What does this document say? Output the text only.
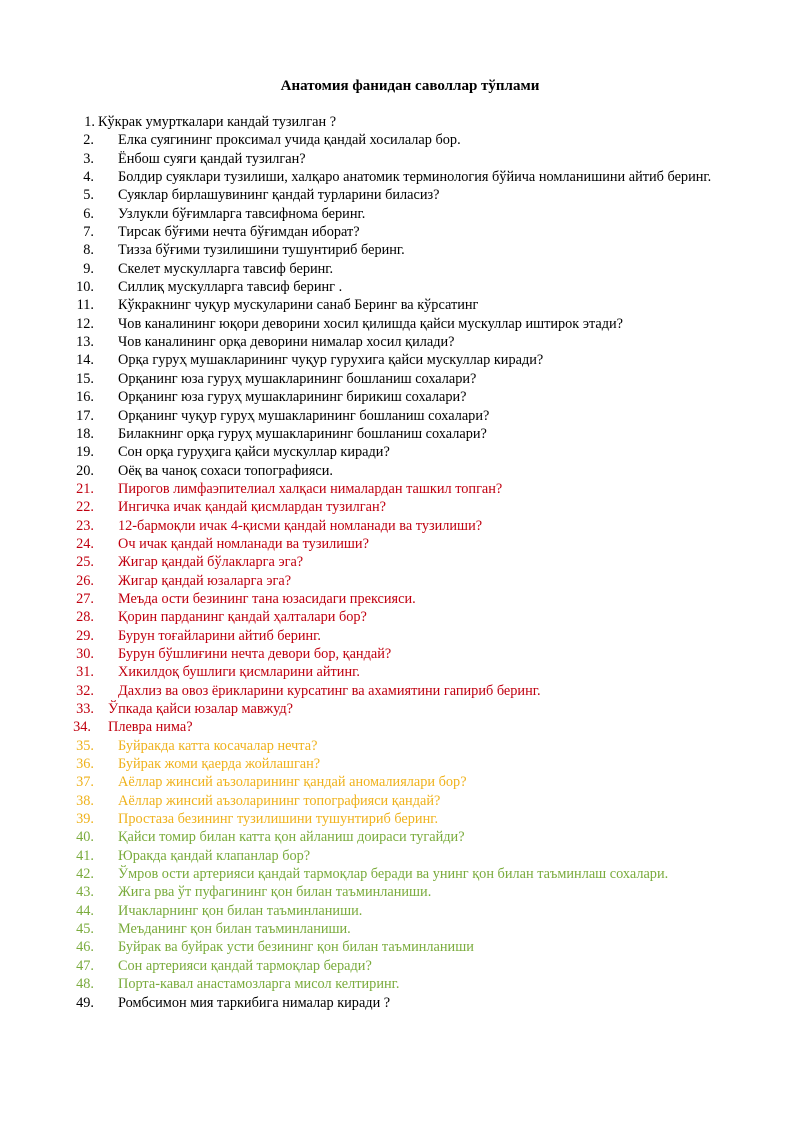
Анатомия фанидан саволлар тўплами
1. Кўкрак умурткалари кандай тузилган ?
2. Елка суягининг проксимал учида қандай хосилалар бор.
3. Ёнбош суяги қандай тузилган?
4. Болдир суяклари тузилиши, халқаро анатомик терминология бўйича номланишини айтиб беринг.
5. Суяклар бирлашувининг қандай турларини биласиз?
6. Узлукли бўғимларга тавсифнома беринг.
7. Тирсак бўғими нечта бўғимдан иборат?
8. Тизза бўғими тузилишини тушунтириб беринг.
9. Скелет мускулларга тавсиф беринг.
10. Силлиқ мускулларга тавсиф беринг .
11. Кўкракнинг чуқур мускуларини санаб Беринг ва кўрсатинг
12. Чов каналининг юқори деворини хосил қилишда қайси мускуллар иштирок этади?
13. Чов каналининг орқа деворини нималар хосил қилади?
14. Орқа гуруҳ мушакларининг чуқур гурухига қайси мускуллар киради?
15. Орқанинг юза гуруҳ мушакларининг бошланиш сохалари?
16. Орқанинг юза гуруҳ мушакларининг бирикиш сохалари?
17. Орқанинг чуқур гуруҳ мушакларининг бошланиш сохалари?
18. Билакнинг орқа гуруҳ мушакларининг бошланиш сохалари?
19. Сон орқа гуруҳига қайси мускуллар киради?
20. Оёқ ва чаноқ сохаси топографияси.
21. Пирогов лимфаэпителиал халқаси нималардан ташкил топган?
22. Ингичка ичак қандай қисмлардан тузилган?
23. 12-бармоқли ичак 4-қисми қандай номланади ва тузилиши?
24. Оч ичак қандай номланади ва тузилиши?
25. Жигар қандай бўлакларга эга?
26. Жигар қандай юзаларга эга?
27. Меъда ости безининг тана юзасидаги прексияси.
28. Қорин парданинг қандай ҳалталари бор?
29. Бурун тоғайларини айтиб беринг.
30. Бурун бўшлиғини нечта девори бор, қандай?
31. Хикилдоқ бушлиги қисмларини айтинг.
32. Дахлиз ва овоз ёрикларини курсатинг ва ахамиятини гапириб беринг.
33. Ўпкада қайси юзалар мавжуд?
34. Плевра нима?
35. Буйракда катта косачалар нечта?
36. Буйрак жоми қаерда жойлашган?
37. Аёллар жинсий аъзоларининг қандай аномалиялари бор?
38. Аёллар жинсий аъзоларининг топографияси қандай?
39. Простаза безининг тузилишини тушунтириб беринг.
40. Қайси томир билан катта қон айланиш доираси тугайди?
41. Юракда қандай клапанлар бор?
42. Ўмров ости артерияси қандай тармоқлар беради ва унинг қон билан таъминлаш сохалари.
43. Жига рва ўт пуфагининг қон билан таъминланиши.
44. Ичакларнинг қон билан таъминланиши.
45. Меъданинг қон билан таъминланиши.
46. Буйрак ва буйрак усти безининг қон билан таъминланиши
47. Сон артерияси қандай тармоқлар беради?
48. Порта-кавал анастамозларга мисол келтиринг.
49. Ромбсимон мия таркибига нималар киради ?
